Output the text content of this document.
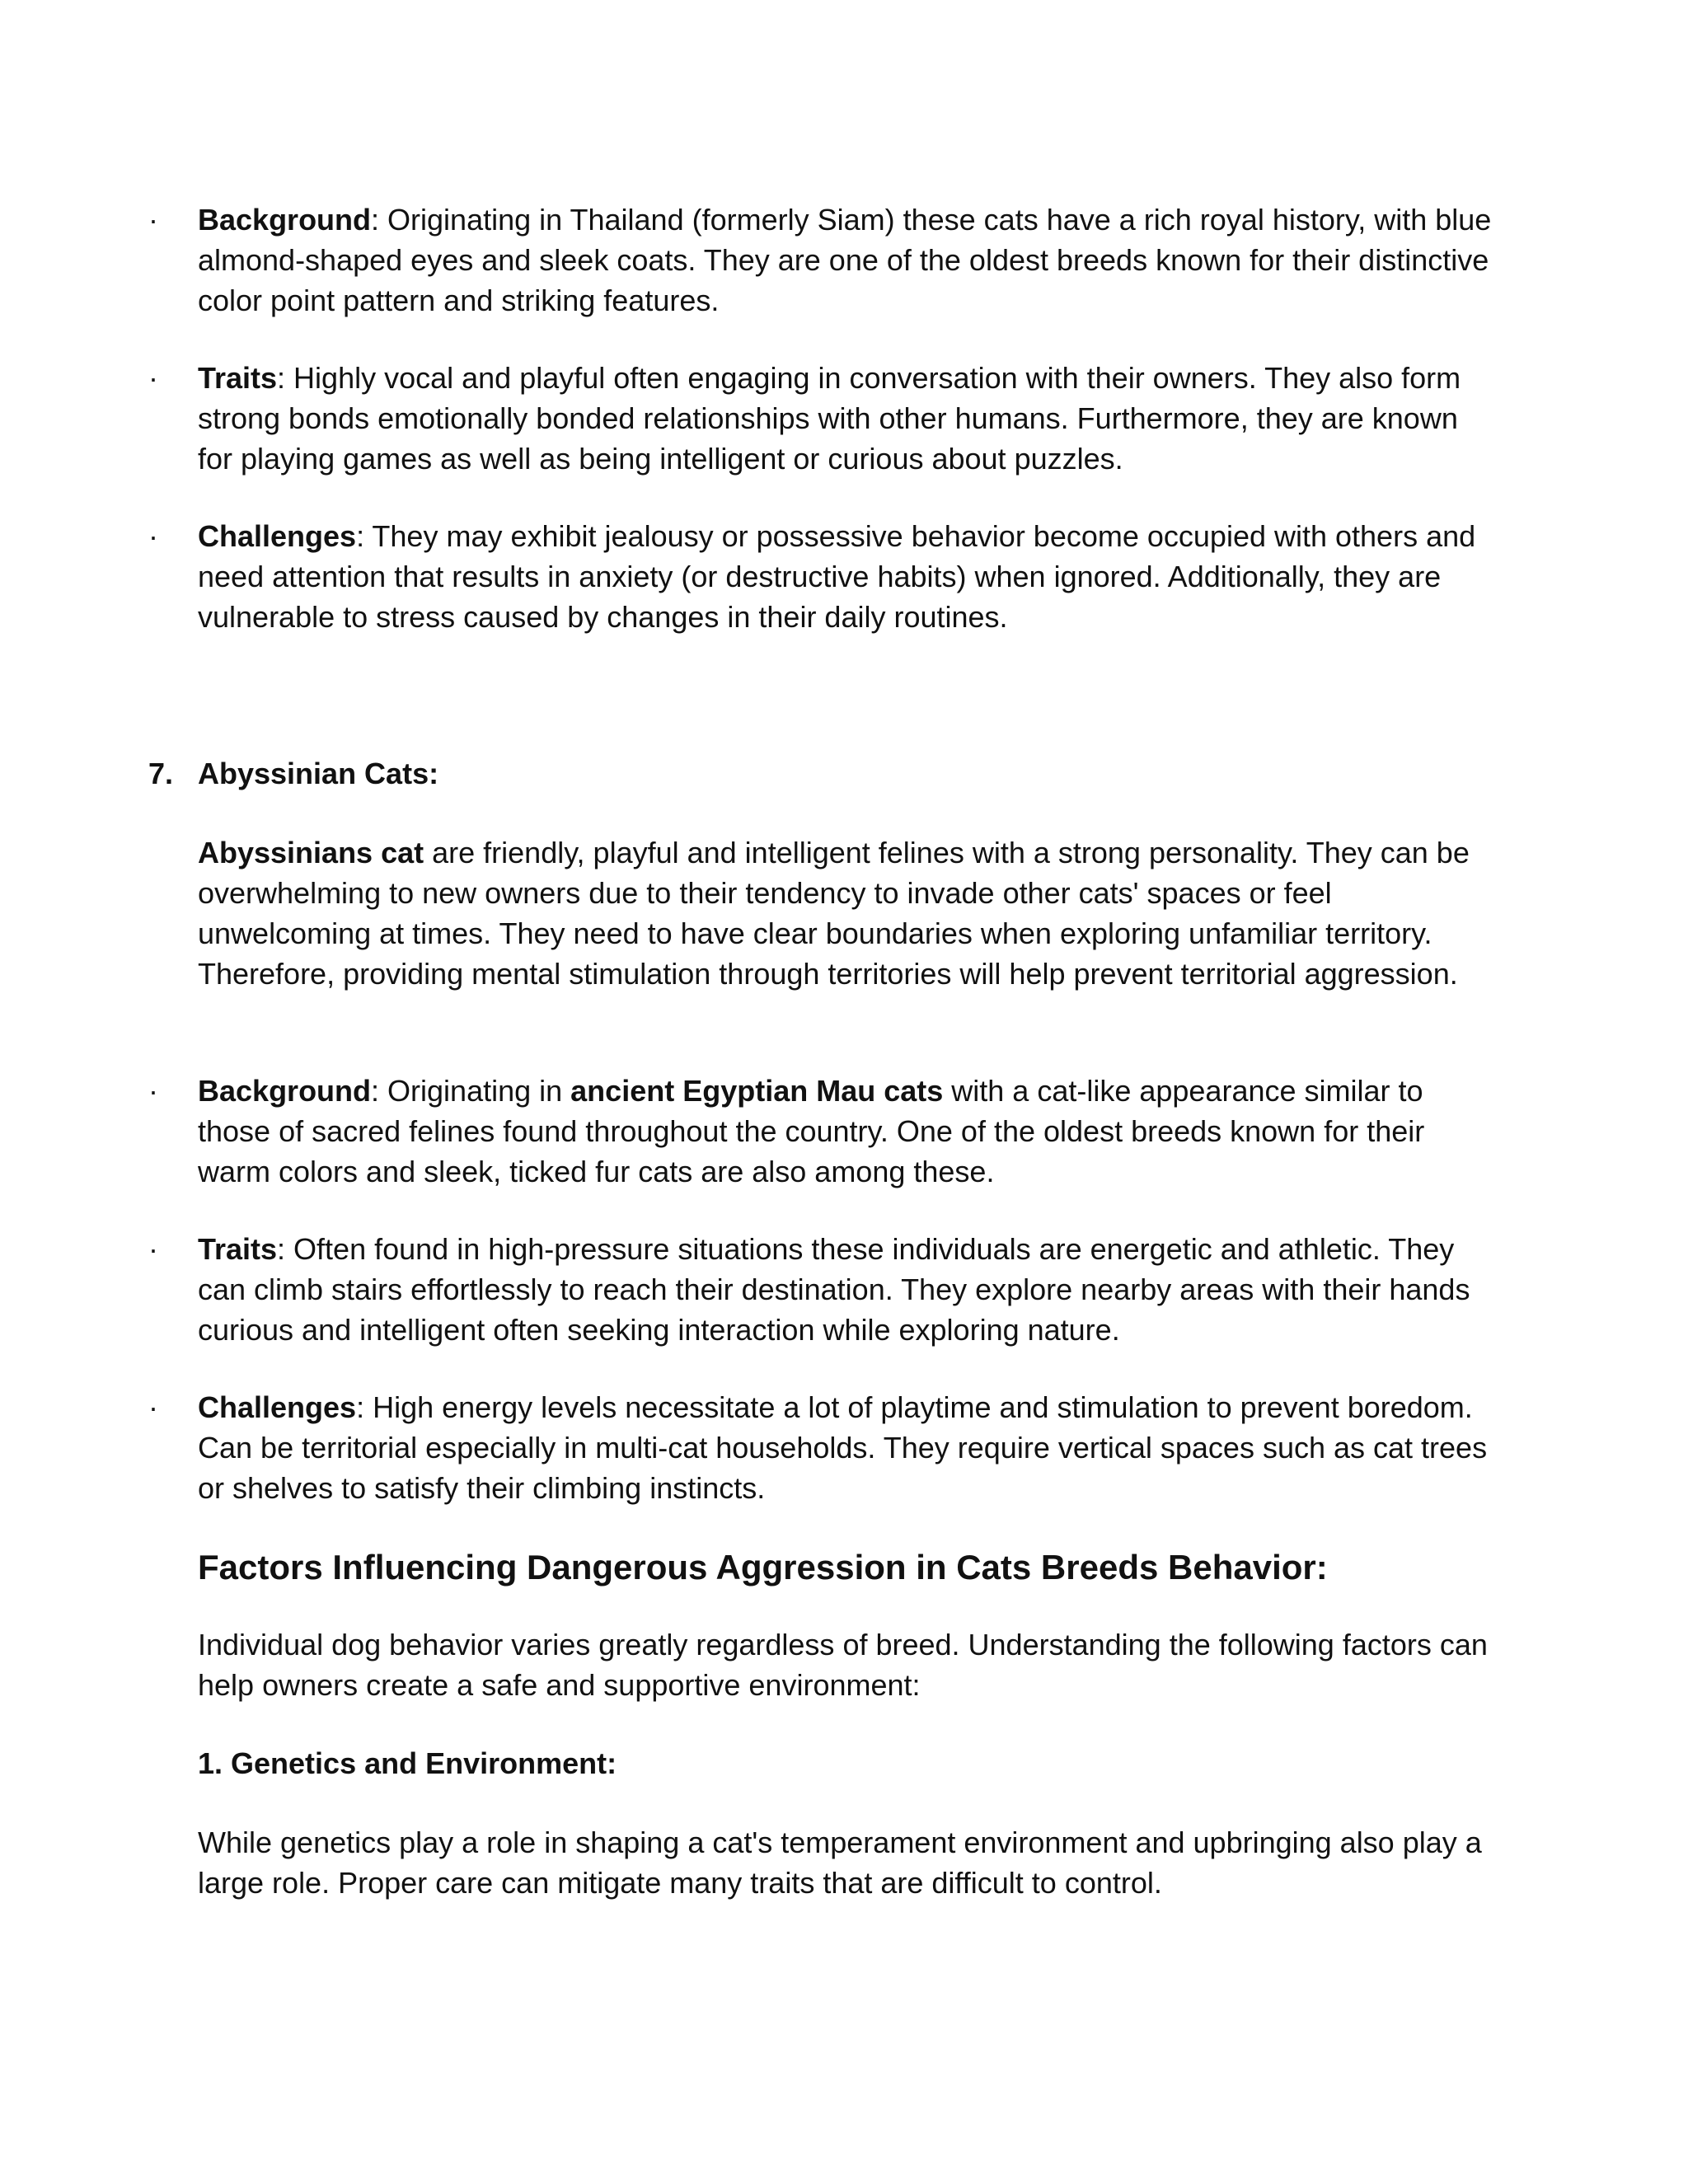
· Background: Originating in Thailand (formerly Siam) these cats have a rich royal history, with blue almond-shaped eyes and sleek coats. They are one of the oldest breeds known for their distinctive color point pattern and striking features.

· Traits: Highly vocal and playful often engaging in conversation with their owners. They also form strong bonds emotionally bonded relationships with other humans. Furthermore, they are known for playing games as well as being intelligent or curious about puzzles.

· Challenges: They may exhibit jealousy or possessive behavior become occupied with others and need attention that results in anxiety (or destructive habits) when ignored. Additionally, they are vulnerable to stress caused by changes in their daily routines.

7. Abyssinian Cats:

Abyssinians cat are friendly, playful and intelligent felines with a strong personality. They can be overwhelming to new owners due to their tendency to invade other cats' spaces or feel unwelcoming at times. They need to have clear boundaries when exploring unfamiliar territory. Therefore, providing mental stimulation through territories will help prevent territorial aggression.

· Background: Originating in ancient Egyptian Mau cats with a cat-like appearance similar to those of sacred felines found throughout the country. One of the oldest breeds known for their warm colors and sleek, ticked fur cats are also among these.

· Traits: Often found in high-pressure situations these individuals are energetic and athletic. They can climb stairs effortlessly to reach their destination. They explore nearby areas with their hands curious and intelligent often seeking interaction while exploring nature.

· Challenges: High energy levels necessitate a lot of playtime and stimulation to prevent boredom. Can be territorial especially in multi-cat households. They require vertical spaces such as cat trees or shelves to satisfy their climbing instincts.

Factors Influencing Dangerous Aggression in Cats Breeds Behavior:

Individual dog behavior varies greatly regardless of breed. Understanding the following factors can help owners create a safe and supportive environment:

1. Genetics and Environment:

While genetics play a role in shaping a cat's temperament environment and upbringing also play a large role. Proper care can mitigate many traits that are difficult to control.
